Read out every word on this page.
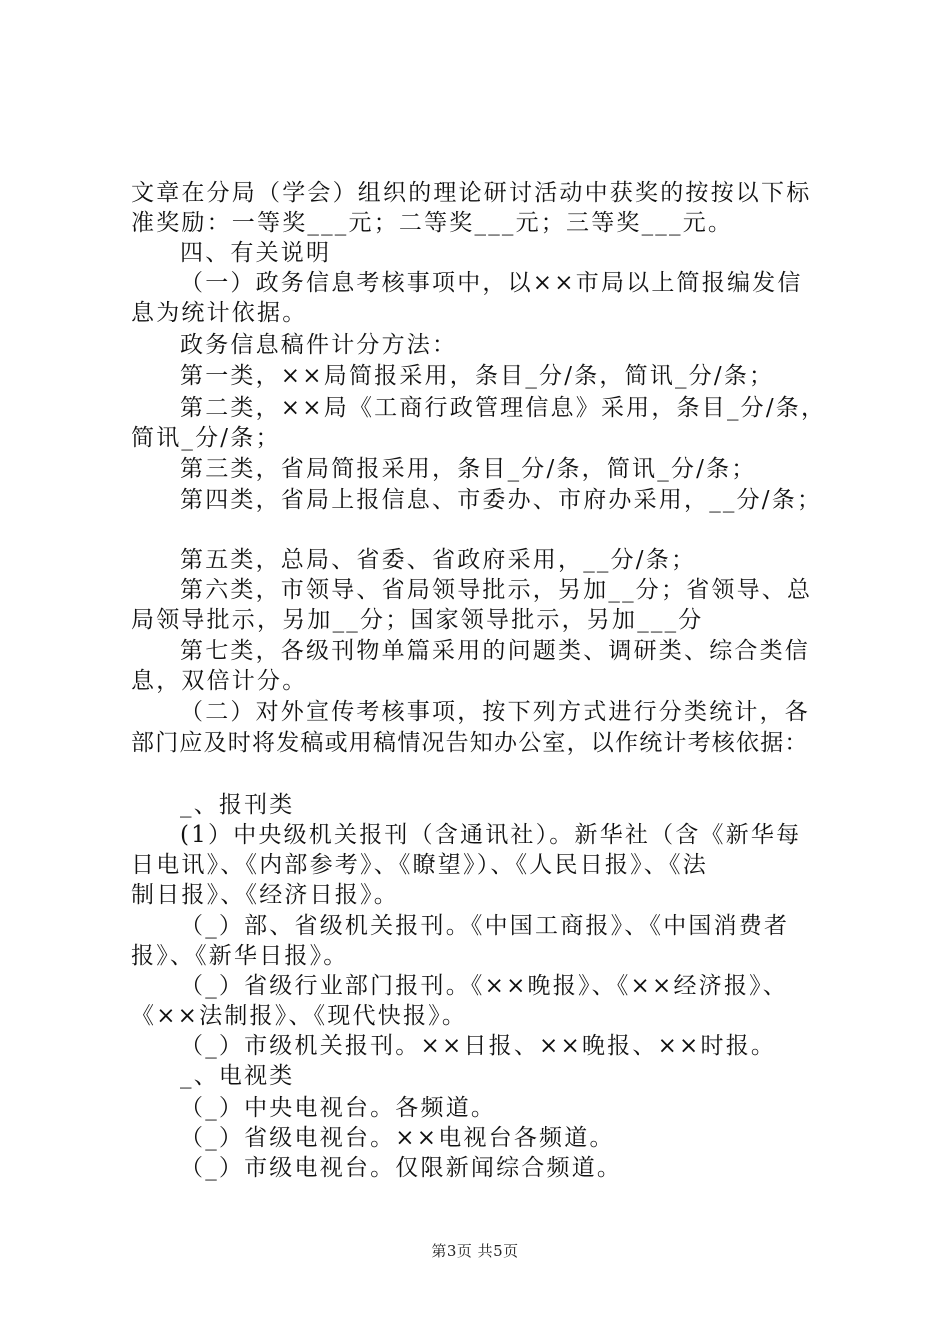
文章在分局（学会）组织的理论研讨活动中获奖的按按以下标
准奖励：一等奖___元；二等奖___元；三等奖___元。
四、有关说明
（一）政务信息考核事项中，以××市局以上简报编发信
息为统计依据。
政务信息稿件计分方法：
第一类，××局简报采用，条目_分/条，简讯_分/条；
第二类，××局《工商行政管理信息》采用，条目_分/条，
简讯_分/条；
第三类，省局简报采用，条目_分/条，简讯_分/条；
第四类，省局上报信息、市委办、市府办采用，__分/条；
第五类，总局、省委、省政府采用，__分/条；
第六类，市领导、省局领导批示，另加__分；省领导、总
局领导批示，另加__分；国家领导批示，另加___分
第七类，各级刊物单篇采用的问题类、调研类、综合类信
息，双倍计分。
（二）对外宣传考核事项，按下列方式进行分类统计，各
部门应及时将发稿或用稿情况告知办公室，以作统计考核依据：
_、报刊类
(1）中央级机关报刊（含通讯社）。新华社（含《新华每
日电讯》、《内部参考》、《瞭望》）、《人民日报》、《法
制日报》、《经济日报》。
（_）部、省级机关报刊。《中国工商报》、《中国消费者
报》、《新华日报》。
（_）省级行业部门报刊。《××晚报》、《××经济报》、
《××法制报》、《现代快报》。
（_）市级机关报刊。××日报、××晚报、××时报。
_、电视类
（_）中央电视台。各频道。
（_）省级电视台。××电视台各频道。
（_）市级电视台。仅限新闻综合频道。
第3页 共5页
